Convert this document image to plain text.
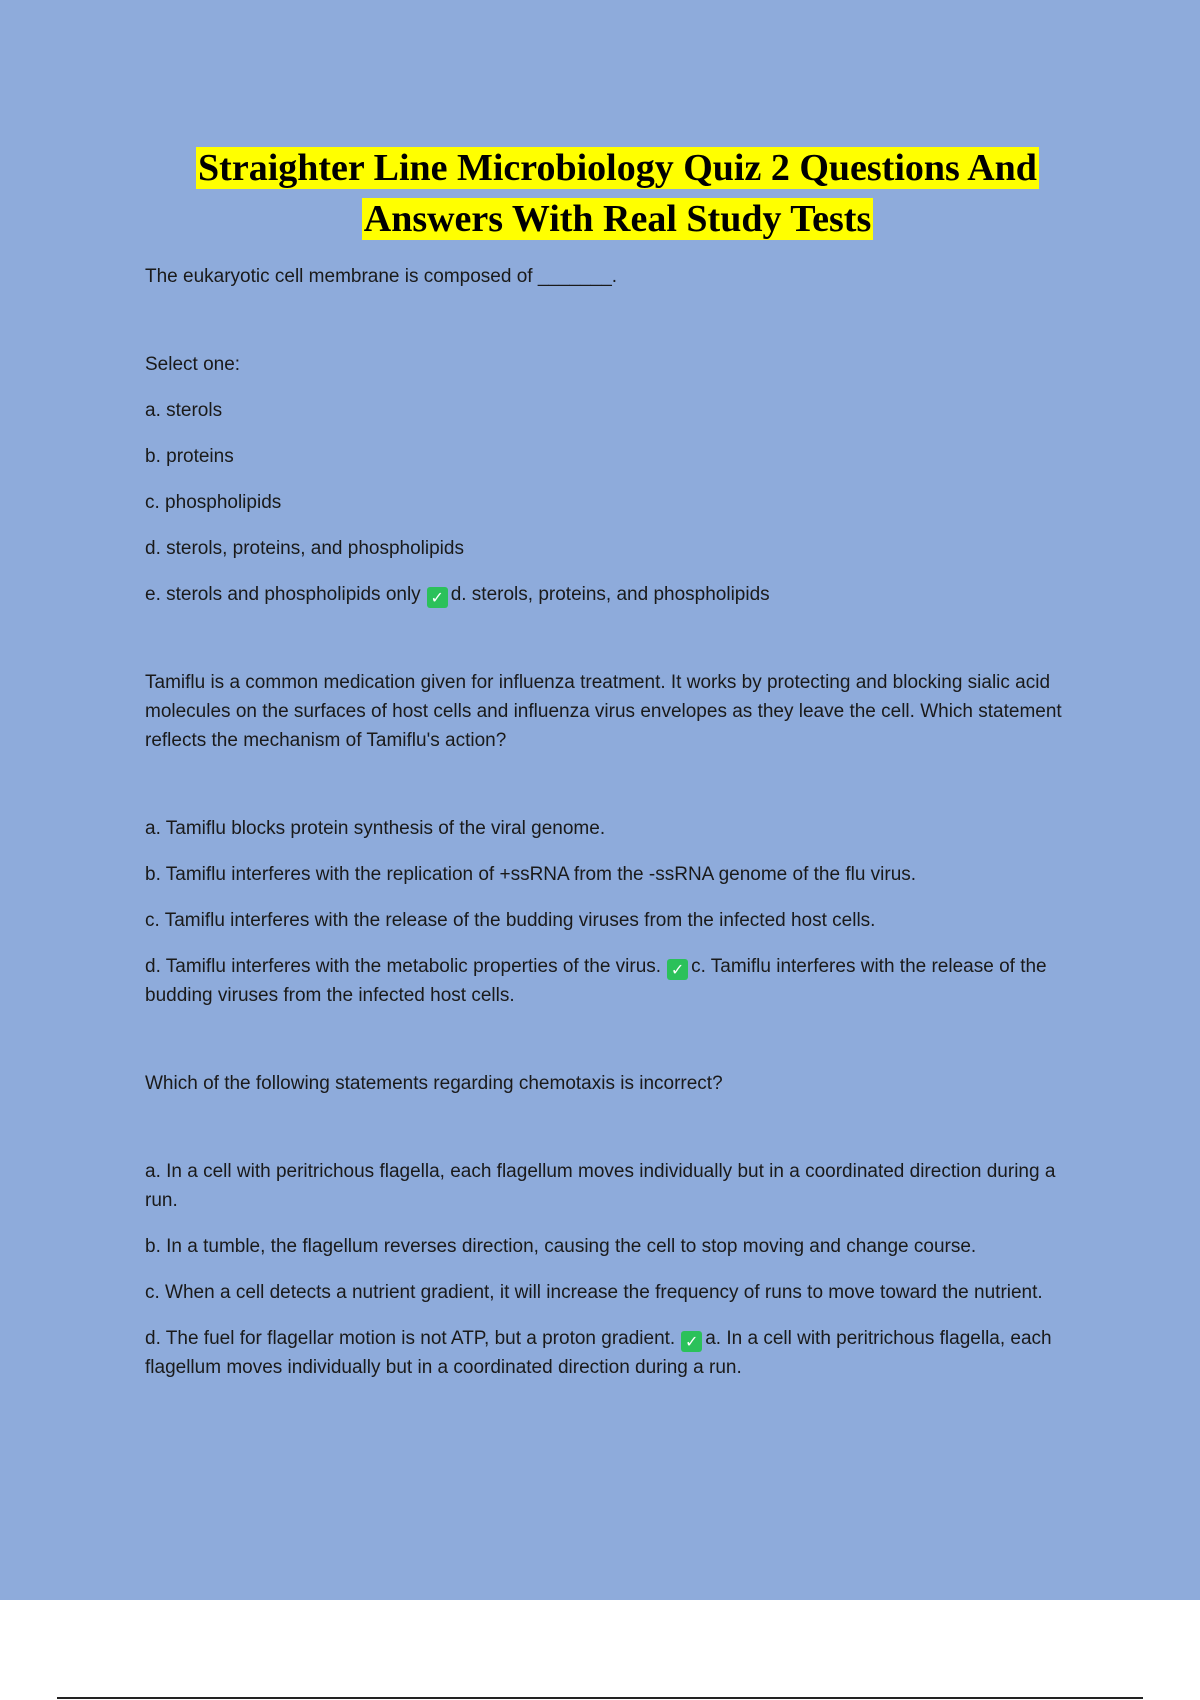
Straighter Line Microbiology Quiz 2 Questions And
Answers With Real Study Tests

The eukaryotic cell membrane is composed of _______.

Select one:

a. sterols

b. proteins

c. phospholipids

d. sterols, proteins, and phospholipids

e. sterols and phospholipids only ✓ d. sterols, proteins, and phospholipids

Tamiflu is a common medication given for influenza treatment. It works by protecting and blocking sialic acid molecules on the surfaces of host cells and influenza virus envelopes as they leave the cell. Which statement reflects the mechanism of Tamiflu's action?

a. Tamiflu blocks protein synthesis of the viral genome.

b. Tamiflu interferes with the replication of +ssRNA from the -ssRNA genome of the flu virus.

c. Tamiflu interferes with the release of the budding viruses from the infected host cells.

d. Tamiflu interferes with the metabolic properties of the virus. ✓ c. Tamiflu interferes with the release of the budding viruses from the infected host cells.

Which of the following statements regarding chemotaxis is incorrect?

a. In a cell with peritrichous flagella, each flagellum moves individually but in a coordinated direction during a run.

b. In a tumble, the flagellum reverses direction, causing the cell to stop moving and change course.

c. When a cell detects a nutrient gradient, it will increase the frequency of runs to move toward the nutrient.

d. The fuel for flagellar motion is not ATP, but a proton gradient. ✓ a. In a cell with peritrichous flagella, each flagellum moves individually but in a coordinated direction during a run.
